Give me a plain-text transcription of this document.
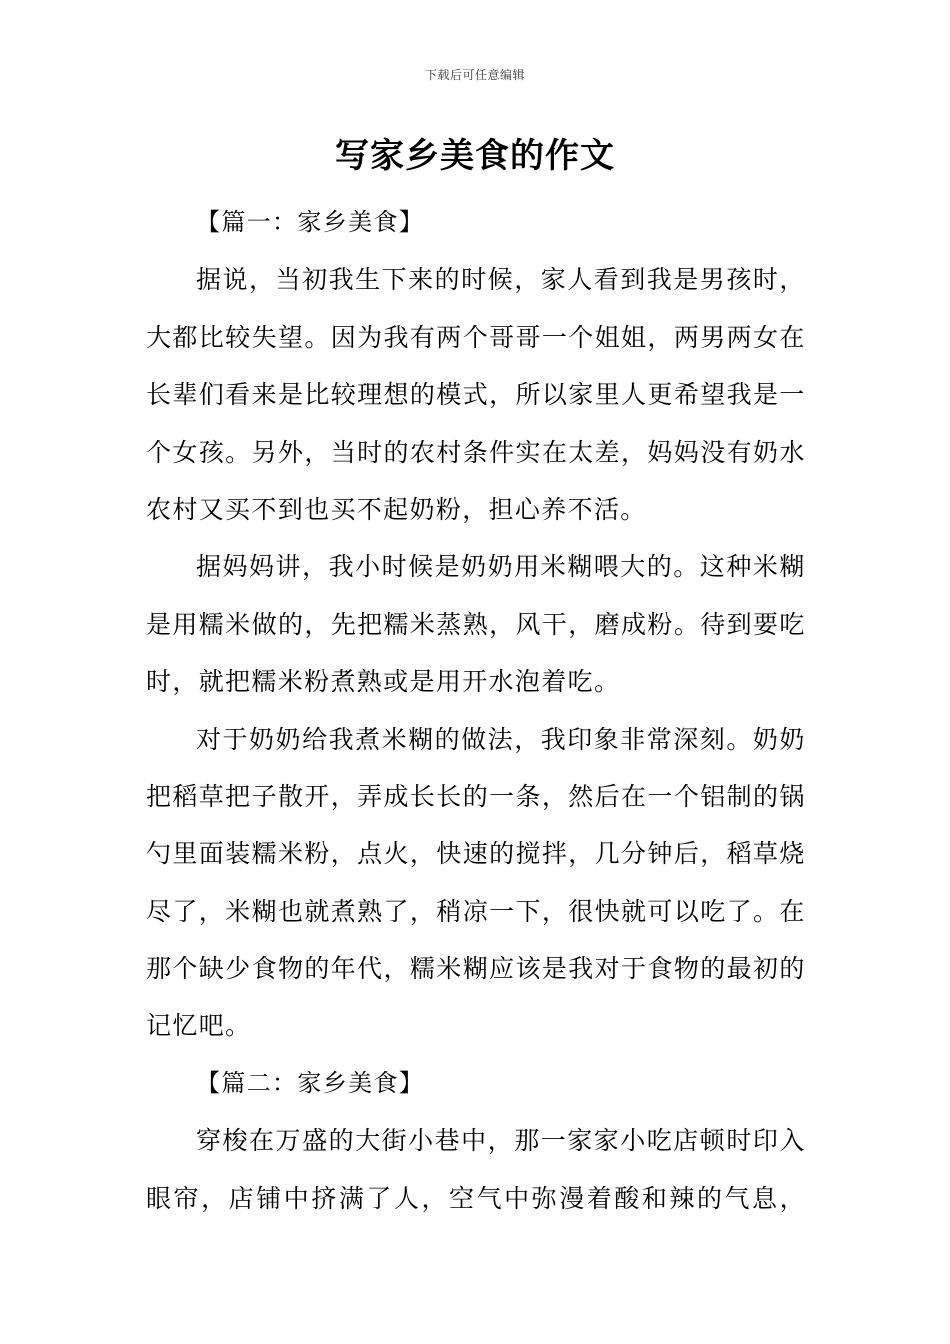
下载后可任意编辑
写家乡美食的作文
【篇一：家乡美食】
据 说 ， 当 初 我 生 下 来 的 时 候 ， 家 人 看 到 我 是 男 孩 时 ，
大 都 比 较 失 望 。 因 为 我 有 两 个 哥 哥 一 个 姐 姐 ， 两 男 两 女 在
长 辈 们 看 来 是 比 较 理 想 的 模 式 ， 所 以 家 里 人 更 希 望 我 是 一
个 女 孩 。 另 外 ， 当 时 的 农 村 条 件 实 在 太 差 ， 妈 妈 没 有 奶 水
农村又买不到也买不起奶粉，担心养不活。
据 妈 妈 讲 ， 我 小 时 候 是 奶 奶 用 米 糊 喂 大 的 。 这 种 米 糊
是 用 糯 米 做 的 ， 先 把 糯 米 蒸 熟 ， 风 干 ， 磨 成 粉 。 待 到 要 吃
时，就把糯米粉煮熟或是用开水泡着吃。
对 于 奶 奶 给 我 煮 米 糊 的 做 法 ， 我 印 象 非 常 深 刻 。 奶 奶
把 稻 草 把 子 散 开 ， 弄 成 长 长 的 一 条 ， 然 后 在 一 个 铝 制 的 锅
勺 里 面 装 糯 米 粉 ， 点 火 ， 快 速 的 搅 拌 ， 几 分 钟 后 ， 稻 草 烧
尽 了 ， 米 糊 也 就 煮 熟 了 ， 稍 凉 一 下 ， 很 快 就 可 以 吃 了 。 在
那 个 缺 少 食 物 的 年 代 ， 糯 米 糊 应 该 是 我 对 于 食 物 的 最 初 的
记忆吧。
【篇二：家乡美食】
穿 梭 在 万 盛 的 大 街 小 巷 中 ， 那 一 家 家 小 吃 店 顿 时 印 入
眼 帘 ， 店 铺 中 挤 满 了 人 ， 空 气 中 弥 漫 着 酸 和 辣 的 气 息 ，
